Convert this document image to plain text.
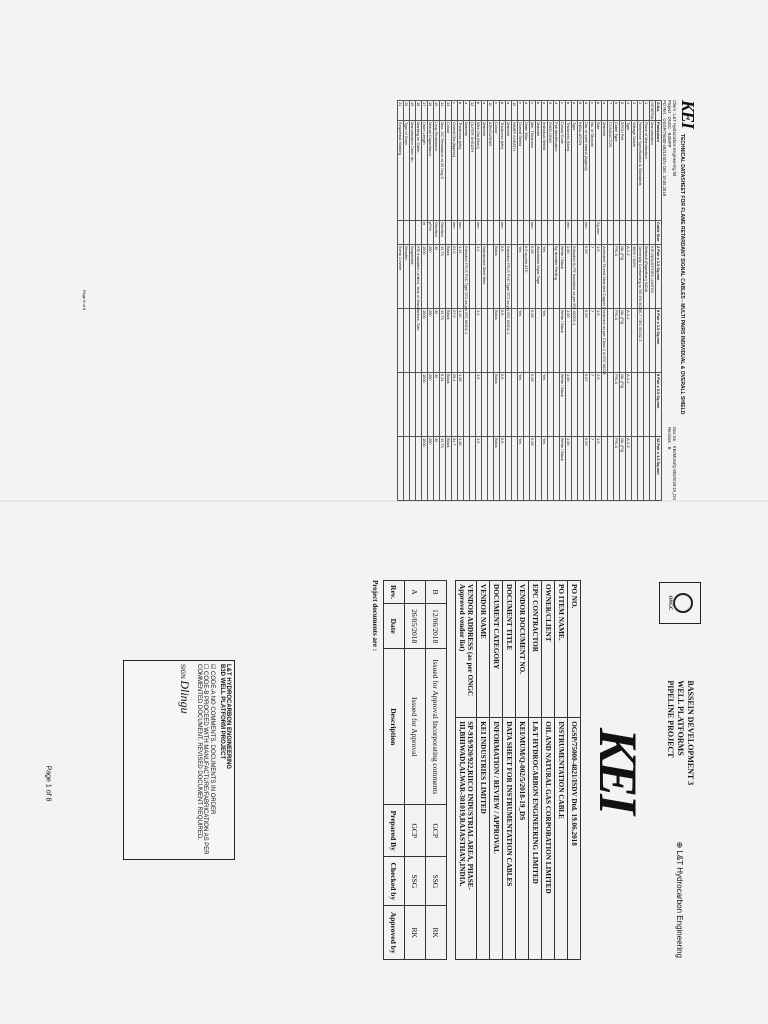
KEI
TECHNICAL DATASHEET FOR FLAME RETARDANT SIGNAL CABLES - MULTI PAIRS INDIVIDUAL & OVERALL SHIELD
Client : L&T Hydrocarbon Engineering ltd
Project : ONGC - B3WPP
PO Ref. : OGSP/75000-4821/ISDV Dtd. 19.06.2018
Doc No. : KEI/MUM/Q-002/5/18-19_DS
Revision : B
S.No.	Particulars	Cable Size	2 Pair x 1.5 Sq.mm	8 Pair x 1.5 Sq.mm	8 Pair x 2.5 Sq.mm	12 Pair x 1.5 Sq.mm
GENERAL	Manufacturer		KEI INDUSTRIES LIMITED			
1	Place of Manufacture		Bhiwadi (Rajasthan) INDIA			
2	Reference Specification & Standards		Generally Conforming to BS EN 50288-7 / IEC 60332-3			
3	Voltage Grade		300V / 500V			
4	Type		A-1-2	A-1-4	A-1-4	A-1-3
5	BFOU Ref.		NIL (P1)	NIL (P1)	NIL (P1)	NIL (P1)
6	Cable Type		FRLS	FRLS	FRLS	FRLS
7	CONDUCTOR					
a	Material		Annealed Tinned Stranded Copper Conductor as per Class 2 of IEC 60228			
b	Size	Sq.mm	1.5	1.5	2.5	1.5
c	No. of Strands		7	7	7	7
d	Dia. of each strand (Approx)	mm	0.53	0.53	0.67	0.53
8	INSULATION					
a	Type		Extruded XLPE Insulation as per IEC 60502-1			
b	Thickness (Nom)	mm	1.00	1.00	1.00	1.00
c	Colour Code		White / Black	White / Black	White / Black	White / Black
d	Pair identification		By Number Printing			
9	SHIELDING					
a	Individual Shield		Yes	Yes	Yes	Yes
b	Material		Aluminium Mylar Tape			
c	Min. Thickness	mm	0.05	0.05	0.05	0.05
d	Drain Wire		0.5 sq.mm ATC			
e	Overall Shield		Yes	Yes	Yes	Yes
10	INNER SHEATH					
a	Material		Extruded FRLS PVC Type ST2 as per IEC 60502-1			
b	Thickness (Min)	mm	0.6	0.6	0.6	0.6
c	Colour		Black	Black	Black	Black
11	ARMOURING					
a	Material		Galvanised Steel Wire			
b	Wire Dia (Nom)	mm	1.4	1.4	1.6	1.6
12	OUTER SHEATH					
a	Material		Extruded FRLS PVC Type ST2 as per IEC 60502-1			
b	Thickness (Min)	mm	1.24	1.40	1.56	1.48
c	Overall Dia (Approx)	mm	21.0	27.0	29.4	34.7
13	Colour		Black	Black	Black	Black
14	Max. DC Resistance at 20 Deg C	Ohm/km	13.70	13.70	8.21	13.70
15	Loop Resistance	Ohm/km	30	30	30	30
16	Mutual Capacitance	pF/m	250	250	250	250
17	Drum Length	m	1000	1000	1000	1000
18	Marking on Cable		KEI Industries Limited, Year of Manufacture, Size			
19	Manufacturer Drum No.		Sequential			
20	Type of Drum		Wooden			
21	Sequential Marking		Every 1 metre			
Page 8 of 8
ONGC
BASSEIN DEVELOPMENT 3
WELL PLATFORMS
PIPELINE PROJECT
⊕ L&T Hydrocarbon Engineering
KEI
PO NO.	OGSP/75000-4821/ISDV Dtd. 19.06.2018
PO ITEM NAME.	INSTRUMENTATION CABLE
OWNER/CLIENT	OIL AND NATURAL GAS CORPORATION LIMITED
EPC CONTRACTOR	L&T HYDROCARBON ENGINEERING LIMITED
VENDOR DOCUMENT NO.	KEI/MUM/Q-002/5/2018-19_DS
DOCUMENT TITLE	DATA SHEET FOR INSTRUMENTATION CABLES
DOCUMENT CATEGORY	INFORMATION / REVIEW / APPROVAL
VENDOR NAME	KEI INDUSTRIES LIMITED
VENDOR ADDRESS (as per ONGC Approved vendor list)	SP-919/920/922,RIICO INDUSTRIAL AREA, PHASE-III,BHIWADI,ALWAR-301019,RAJASTHAN,INDIA.
B	12/06/2018	Issued for Approval Incorporating comments	GCP	SSG	RK
A	26/05/2018	Issued for Approval	GCP	SSG	RK
Rev.	Date	Description	Prepared By	Checked by	Approved by
Project documents are :
L&T HYDROCARBON ENGINEERING
B3D WELL PLATFORM PROJECT
☑ CODE-A NO COMMENTS. DOCUMENTS IN ORDER
☐ CODE-B PROCEED WITH MANUFACTURE/FABRICATION AS PER COMMENTED DOCUMENT. REVISED DOCUMENT REQUIRED.
SIGN Dlingu
Page 1 of 8
